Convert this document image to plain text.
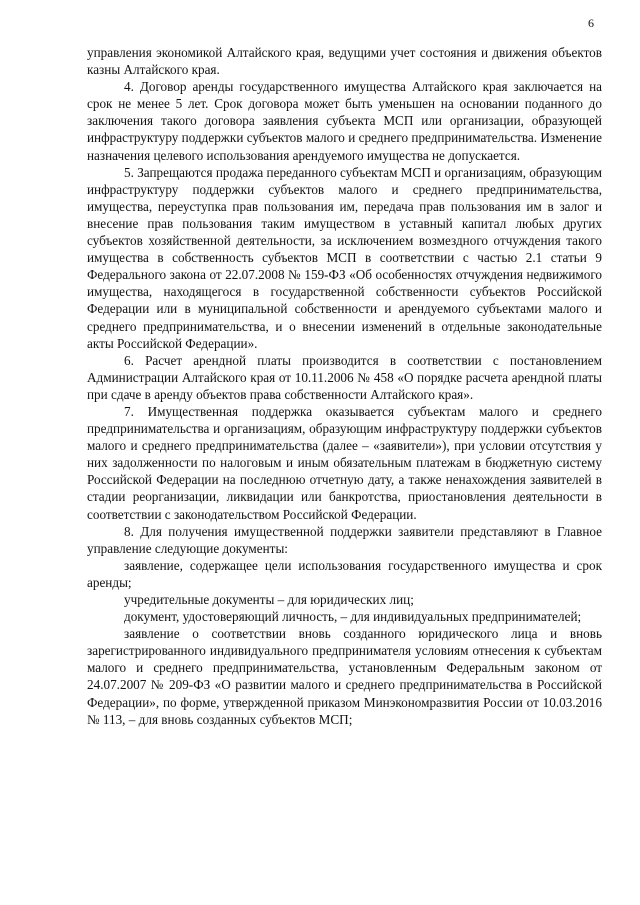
6

управления экономикой Алтайского края, ведущими учет состояния и движения объектов казны Алтайского края.

4. Договор аренды государственного имущества Алтайского края заключается на срок не менее 5 лет. Срок договора может быть уменьшен на основании поданного до заключения такого договора заявления субъекта МСП или организации, образующей инфраструктуру поддержки субъектов малого и среднего предпринимательства. Изменение назначения целевого использования арендуемого имущества не допускается.

5. Запрещаются продажа переданного субъектам МСП и организациям, образующим инфраструктуру поддержки субъектов малого и среднего предпринимательства, имущества, переуступка прав пользования им, передача прав пользования им в залог и внесение прав пользования таким имуществом в уставный капитал любых других субъектов хозяйственной деятельности, за исключением возмездного отчуждения такого имущества в собственность субъектов МСП в соответствии с частью 2.1 статьи 9 Федерального закона от 22.07.2008 № 159-ФЗ «Об особенностях отчуждения недвижимого имущества, находящегося в государственной собственности субъектов Российской Федерации или в муниципальной собственности и арендуемого субъектами малого и среднего предпринимательства, и о внесении изменений в отдельные законодательные акты Российской Федерации».

6. Расчет арендной платы производится в соответствии с постановлением Администрации Алтайского края от 10.11.2006 № 458 «О порядке расчета арендной платы при сдаче в аренду объектов права собственности Алтайского края».

7. Имущественная поддержка оказывается субъектам малого и среднего предпринимательства и организациям, образующим инфраструктуру поддержки субъектов малого и среднего предпринимательства (далее – «заявители»), при условии отсутствия у них задолженности по налоговым и иным обязательным платежам в бюджетную систему Российской Федерации на последнюю отчетную дату, а также ненахождения заявителей в стадии реорганизации, ликвидации или банкротства, приостановления деятельности в соответствии с законодательством Российской Федерации.

8. Для получения имущественной поддержки заявители представляют в Главное управление следующие документы:

заявление, содержащее цели использования государственного имущества и срок аренды;

учредительные документы – для юридических лиц;

документ, удостоверяющий личность, – для индивидуальных предпринимателей;

заявление о соответствии вновь созданного юридического лица и вновь зарегистрированного индивидуального предпринимателя условиям отнесения к субъектам малого и среднего предпринимательства, установленным Федеральным законом от 24.07.2007 № 209-ФЗ «О развитии малого и среднего предпринимательства в Российской Федерации», по форме, утвержденной приказом Минэкономразвития России от 10.03.2016 № 113, – для вновь созданных субъектов МСП;
